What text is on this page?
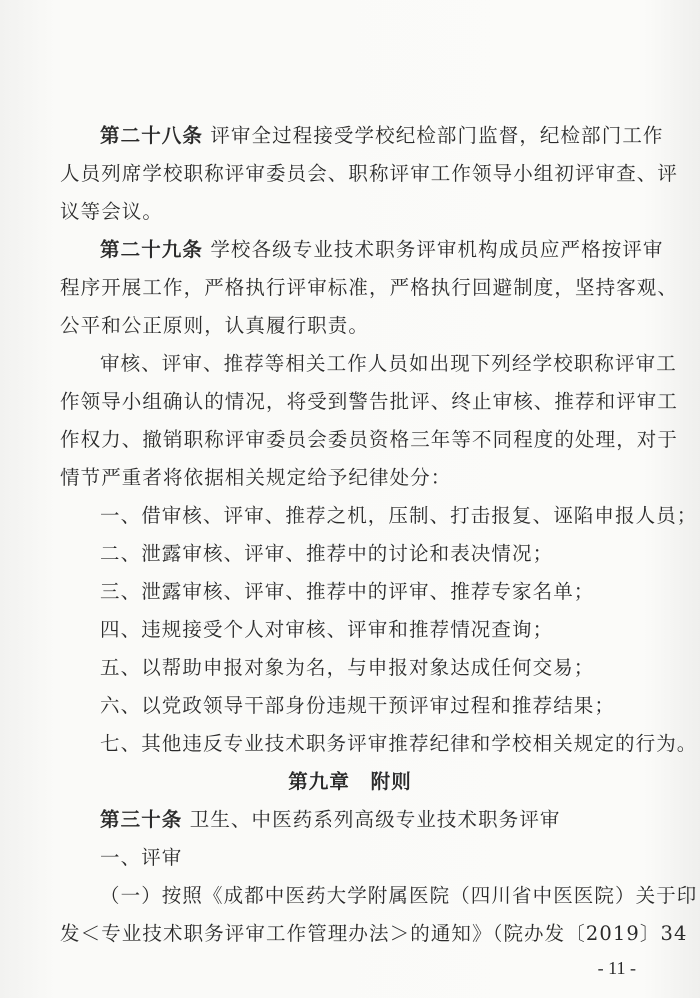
第二十八条 评审全过程接受学校纪检部门监督，纪检部门工作
人员列席学校职称评审委员会、职称评审工作领导小组初评审查、评
议等会议。
第二十九条 学校各级专业技术职务评审机构成员应严格按评审
程序开展工作，严格执行评审标准，严格执行回避制度，坚持客观、
公平和公正原则，认真履行职责。
审核、评审、推荐等相关工作人员如出现下列经学校职称评审工
作领导小组确认的情况，将受到警告批评、终止审核、推荐和评审工
作权力、撤销职称评审委员会委员资格三年等不同程度的处理，对于
情节严重者将依据相关规定给予纪律处分：
一、借审核、评审、推荐之机，压制、打击报复、诬陷申报人员；
二、泄露审核、评审、推荐中的讨论和表决情况；
三、泄露审核、评审、推荐中的评审、推荐专家名单；
四、违规接受个人对审核、评审和推荐情况查询；
五、以帮助申报对象为名，与申报对象达成任何交易；
六、以党政领导干部身份违规干预评审过程和推荐结果；
七、其他违反专业技术职务评审推荐纪律和学校相关规定的行为。
第九章　附则
第三十条 卫生、中医药系列高级专业技术职务评审
一、评审
（一）按照《成都中医药大学附属医院（四川省中医医院）关于印
发＜专业技术职务评审工作管理办法＞的通知》（院办发〔2019〕34
- 11 -
